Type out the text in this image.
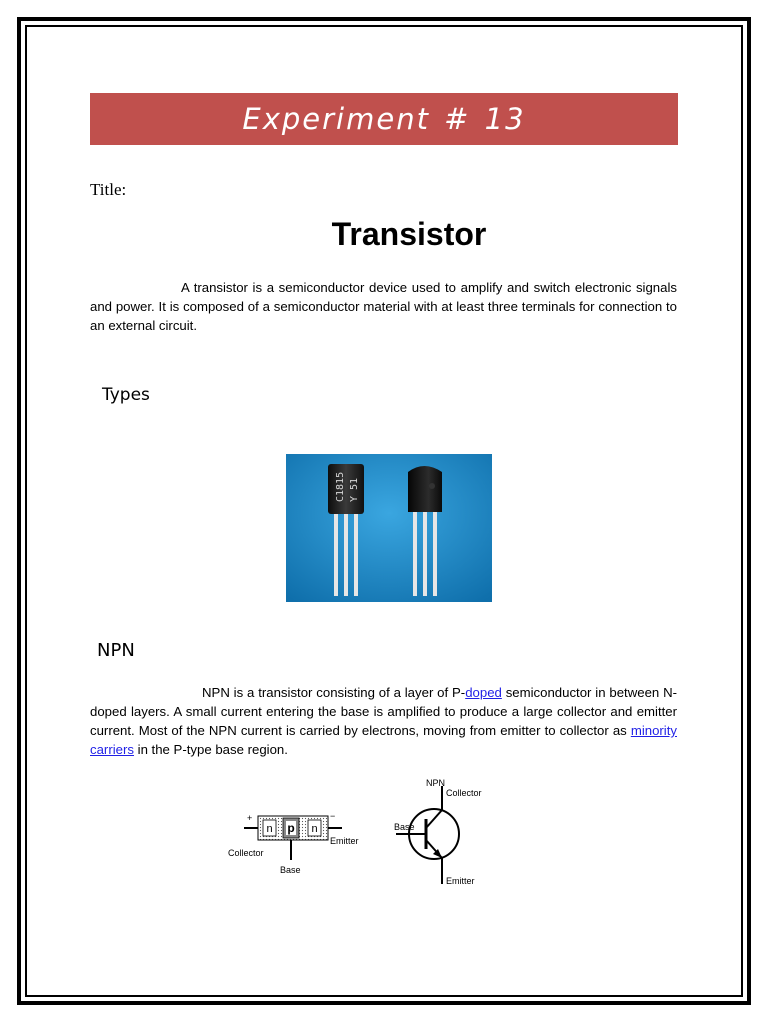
Experiment # 13
Title:
Transistor
A transistor is a semiconductor device used to amplify and switch electronic signals and power. It is composed of a semiconductor material with at least three terminals for connection to an external circuit.
Types
C1815 Y 51
NPN
NPN is a transistor consisting of a layer of P-doped semiconductor in between N-doped layers. A small current entering the base is amplified to produce a large collector and emitter current. Most of the NPN current is carried by electrons, moving from emitter to collector as minority carriers in the P-type base region.
n p n
+	−
Collector
Emitter
Base
NPN
Collector
Base
Emitter
